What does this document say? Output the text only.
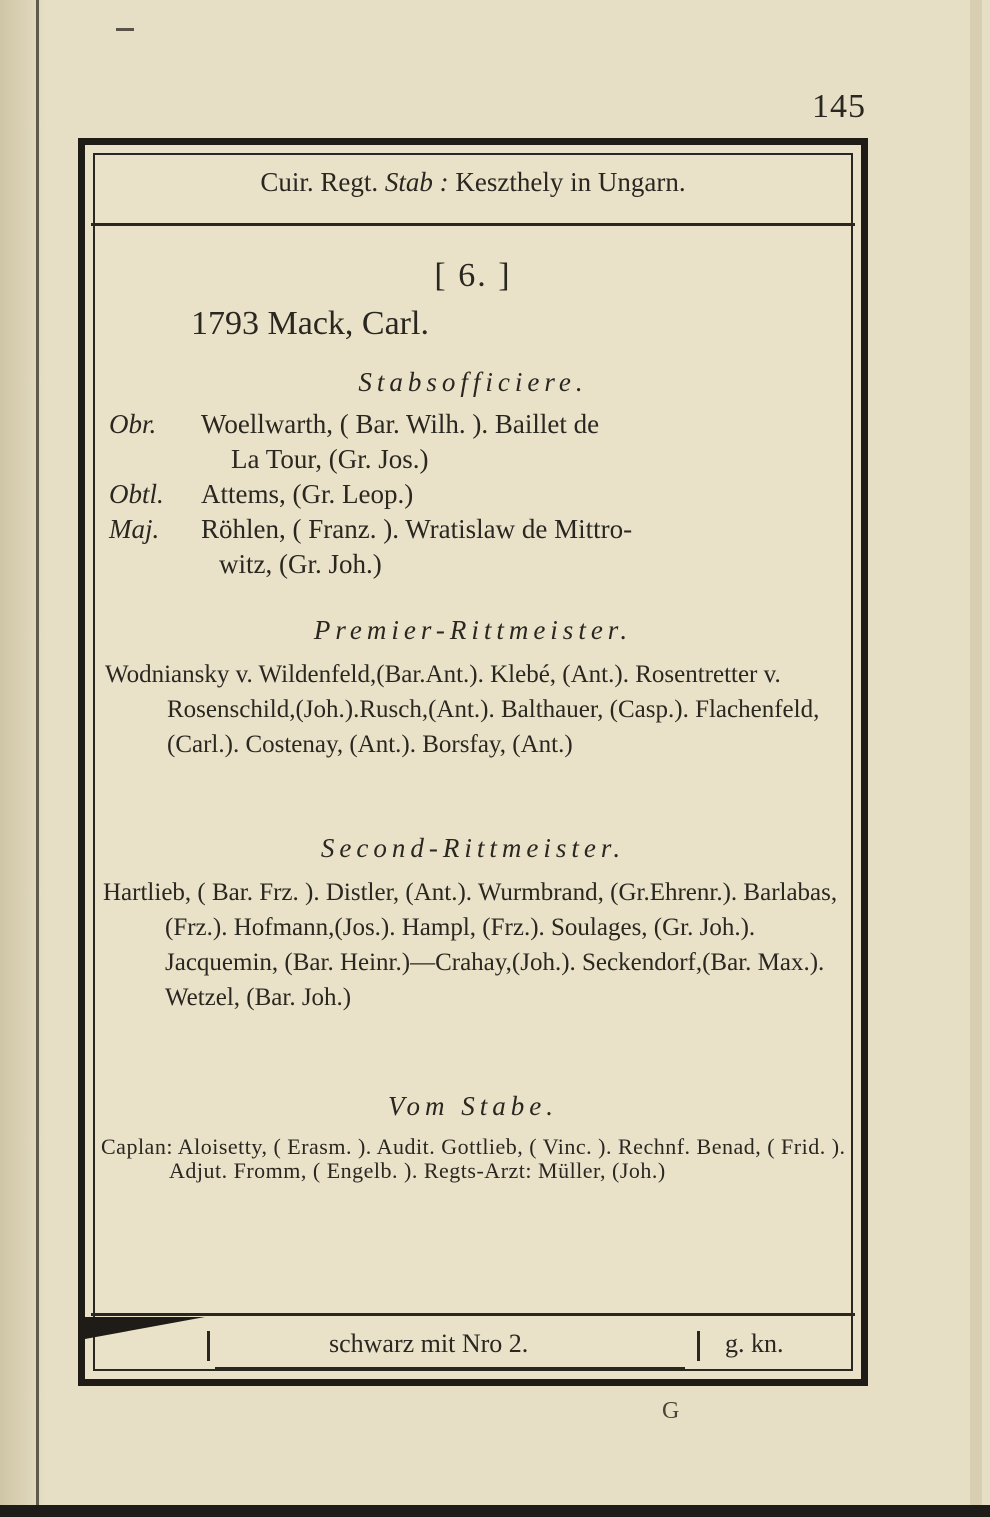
145
Cuir. Regt. Stab : Keszthely in Ungarn.
[ 6. ]
1793 Mack, Carl.
Stabsofficiere.
Obr. Woellwarth, ( Bar. Wilh. ). Baillet de
La Tour, (Gr. Jos.)
Obtl. Attems, (Gr. Leop.)
Maj. Röhlen, ( Franz. ). Wratislaw de Mittro-
witz, (Gr. Joh.)
Premier-Rittmeister.
Wodniansky v. Wildenfeld,(Bar.Ant.). Klebé, (Ant.). Rosentretter v. Rosenschild,(Joh.).Rusch,(Ant.). Balthauer, (Casp.). Flachenfeld, (Carl.). Costenay, (Ant.). Borsfay, (Ant.)
Second-Rittmeister.
Hartlieb, ( Bar. Frz. ). Distler, (Ant.). Wurmbrand, (Gr.Ehrenr.). Barlabas,(Frz.). Hofmann,(Jos.). Hampl, (Frz.). Soulages, (Gr. Joh.). Jacquemin, (Bar. Heinr.)—Crahay,(Joh.). Seckendorf,(Bar. Max.). Wetzel, (Bar. Joh.)
Vom Stabe.
Caplan: Aloisetty, ( Erasm. ). Audit. Gottlieb, ( Vinc. ). Rechnf. Benad, ( Frid. ). Adjut. Fromm, ( Engelb. ). Regts-Arzt: Müller, (Joh.)
schwarz mit Nro 2.	g. kn.
G
